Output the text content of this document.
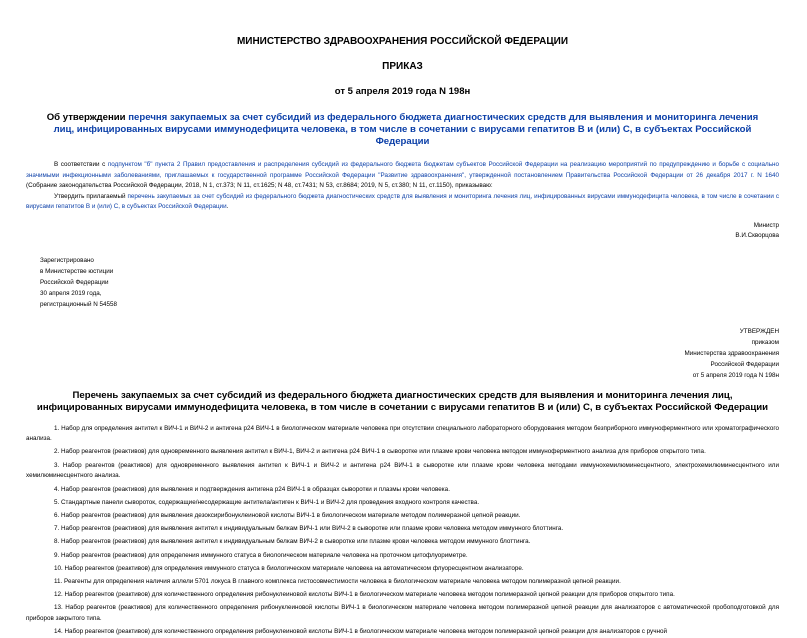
МИНИСТЕРСТВО ЗДРАВООХРАНЕНИЯ РОССИЙСКОЙ ФЕДЕРАЦИИ
ПРИКАЗ
от 5 апреля 2019 года N 198н
Об утверждении перечня закупаемых за счет субсидий из федерального бюджета диагностических средств для выявления и мониторинга лечения лиц, инфицированных вирусами иммунодефицита человека, в том числе в сочетании с вирусами гепатитов В и (или) С, в субъектах Российской Федерации

В соответствии с подпунктом "б" пункта 2 Правил предоставления и распределения субсидий из федерального бюджета бюджетам субъектов Российской Федерации на реализацию мероприятий по предупреждению и борьбе с социально значимыми инфекционными заболеваниями, приглашаемых к государственной программе Российской Федерации "Развитие здравоохранения", утвержденной постановлением Правительства Российской Федерации от 26 декабря 2017 г. N 1640 (Собрание законодательства Российской Федерации, 2018, N 1, ст.373; N 11, ст.1625; N 48, ст.7431; N 53, ст.8684; 2019, N 5, ст.380; N 11, ст.1150), приказываю:

Утвердить прилагаемый перечень закупаемых за счет субсидий из федерального бюджета диагностических средств для выявления и мониторинга лечения лиц, инфицированных вирусами иммунодефицита человека, в том числе в сочетании с вирусами гепатитов В и (или) С, в субъектах Российской Федерации.

Министр
В.И.Скворцова
Зарегистрировано
в Министерстве юстиции
Российской Федерации
30 апреля 2019 года,
регистрационный N 54558
УТВЕРЖДЕН
приказом
Министерства здравоохранения
Российской Федерации
от 5 апреля 2019 года N 198н
Перечень закупаемых за счет субсидий из федерального бюджета диагностических средств для выявления и мониторинга лечения лиц, инфицированных вирусами иммунодефицита человека, в том числе в сочетании с вирусами гепатитов В и (или) С, в субъектах Российской Федерации

1. Набор для определения антител к ВИЧ-1 и ВИЧ-2 и антигена p24 ВИЧ-1 в биологическом материале человека при отсутствии специального лабораторного оборудования методом безприборного иммуноферментного или хроматографического анализа.

2. Набор реагентов (реактивов) для одновременного выявления антител к ВИЧ-1, ВИЧ-2 и антигена p24 ВИЧ-1 в сыворотке или плазме крови человека методом иммуноферментного анализа для приборов открытого типа.

3. Набор реагентов (реактивов) для одновременного выявления антител к ВИЧ-1 и ВИЧ-2 и антигена p24 ВИЧ-1 в сыворотке или плазме крови человека методами иммунохемилюминесцентного, электрохемилюминесцентного или хемилюминесцентного анализа.

4. Набор реагентов (реактивов) для выявления и подтверждения антигена p24 ВИЧ-1 в образцах сыворотки и плазмы крови человека.

5. Стандартные панели сывороток, содержащие/несодержащие антитела/антиген к ВИЧ-1 и ВИЧ-2 для проведения входного контроля качества.

6. Набор реагентов (реактивов) для выявления дезоксирибонуклеиновой кислоты ВИЧ-1 в биологическом материале методом полимеразной цепной реакции.

7. Набор реагентов (реактивов) для выявления антител к индивидуальным белкам ВИЧ-1 или ВИЧ-2 в сыворотке или плазме крови человека методом иммунного блоттинга.

8. Набор реагентов (реактивов) для выявления антител к индивидуальным белкам ВИЧ-2 в сыворотке или плазме крови человека методом иммунного блоттинга.

9. Набор реагентов (реактивов) для определения иммунного статуса в биологическом материале человека на проточном цитофлуориметре.

10. Набор реагентов (реактивов) для определения иммунного статуса в биологическом материале человека на автоматическом флуоресцентном анализаторе.

11. Реагенты для определения наличия аллели 5701 локуса B главного комплекса гистосовместимости человека в биологическом материале человека методом полимеразной цепной реакции.

12. Набор реагентов (реактивов) для количественного определения рибонуклеиновой кислоты ВИЧ-1 в биологическом материале человека методом полимеразной цепной реакции для приборов открытого типа.

13. Набор реагентов (реактивов) для количественного определения рибонуклеиновой кислоты ВИЧ-1 в биологическом материале человека методом полимеразной цепной реакции для анализаторов с автоматической пробоподготовкой для приборов закрытого типа.

14. Набор реагентов (реактивов) для количественного определения рибонуклеиновой кислоты ВИЧ-1 в биологическом материале человека методом полимеразной цепной реакции для анализаторов с ручной
